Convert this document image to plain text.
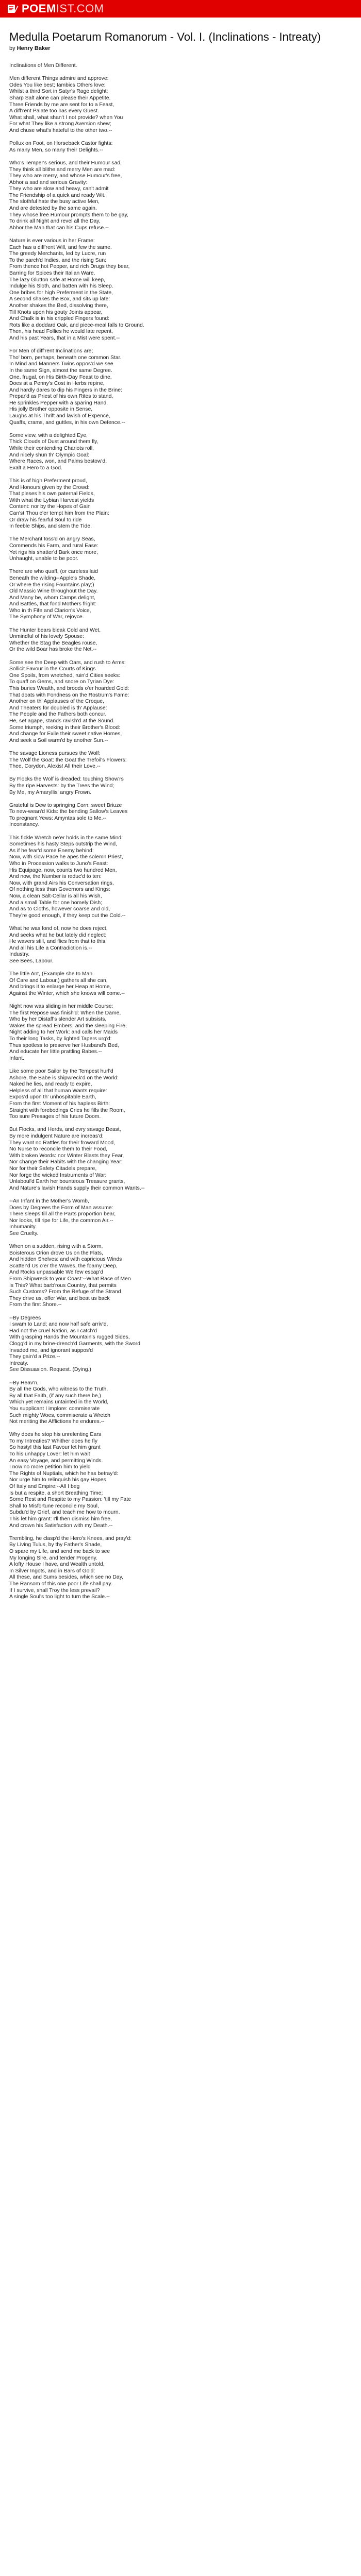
POEM IST.COM
Medulla Poetarum Romanorum - Vol. I. (Inclinations - Intreaty)
by Henry Baker
Inclinations of Men Different.
Men different Things admire and approve:
Odes You like best; Iambics Others love:
Whilst a third Sort in Satyr's Rage delight:
Sharp Salt alone can please their Appetite.
Three Friends by me are sent for to a Feast,
A diff'rent Palate too has every Guest.
What shall, what shan't I not provide? when You
For what They like a strong Aversion shew;
And chuse what's hateful to the other two.--
Pollux on Foot, on Horseback Castor fights:
As many Men, so many their Delights.--
Who's Temper's serious, and their Humour sad,
They think all blithe and merry Men are mad:
They who are merry, and whose Humour's free,
Abhor a sad and serious Gravity:
They who are slow and heavy, can't admit
The Friendship of a quick and ready Wit.
The slothful hate the busy active Men,
And are detested by the same again.
They whose free Humour prompts them to be gay,
To drink all Night and revel all the Day,
Abhor the Man that can his Cups refuse.--
Nature is ever various in her Frame:
Each has a diff'rent Will, and few the same.
The greedy Merchants, led by Lucre, run
To the parch'd Indies, and the rising Sun:
From thence hot Pepper, and rich Drugs they bear,
Barring for Spices their Italian Ware.
The lazy Glutton safe at Home will keep,
Indulge his Sloth, and batten with his Sleep.
One bribes for high Preferment in the State,
A second shakes the Box, and sits up late:
Another shakes the Bed, dissolving there,
Till Knots upon his gouty Joints appear,
And Chalk is in his crippled Fingers found:
Rots like a doddard Oak, and piece-meal falls to Ground.
Then, his head Follies he would late repent,
And his past Years, that in a Mist were spent.--
For Men of diff'rent Inclinations are;
Tho' born, perhaps, beneath one common Star.
In Mind and Manners Twins oppos'd we see
In the same Sign, almost the same Degree.
One, frugal, on His Birth-Day Feast to dine,
Does at a Penny's Cost in Herbs repine,
And hardly dares to dip his Fingers in the Brine:
Prepar'd as Priest of his own Rites to stand,
He sprinkles Pepper with a sparing Hand.
His jolly Brother opposite in Sense,
Laughs at his Thrift and lavish of Expence,
Quaffs, crams, and guttles, in his own Defence.--
Some view, with a delighted Eye,
Thick Clouds of Dust around them fly,
While their contending Chariots roll,
And nicely shun th' Olympic Goal:
Where Races, won, and Palms bestow'd,
Exalt a Hero to a God.
This is of high Preferment proud,
And Honours given by the Crowd:
That pleses his own paternal Fields,
With what the Lybian Harvest yields
Content: nor by the Hopes of Gain
Can'st Thou e'er tempt him from the Plain:
Or draw his fearful Soul to ride
In feeble Ships, and stem the Tide.
The Merchant toss'd on angry Seas,
Commends his Farm, and rural Ease:
Yet rigs his shatter'd Bark once more,
Unhaught, unable to be poor.
There are who quaff, (or careless laid
Beneath the wilding--Apple's Shade,
Or where the rising Fountains play;)
Old Massic Wine throughout the Day.
And Many be, whom Camps delight,
And Battles, that fond Mothers fright:
Who in th Fife and Clarion's Voice,
The Symphony of War, rejoyce.
The Hunter bears bleak Cold and Wet,
Unmindful of his lovely Spouse:
Whether the Stag the Beagles rouse,
Or the wild Boar has broke the Net.--
Some see the Deep with Oars, and rush to Arms:
Sollicit Favour in the Courts of Kings.
One Spoils, from wretched, ruin'd Cities seeks:
To quaff on Gems, and snore on Tyrian Dye:
This buries Wealth, and broods o'er hoarded Gold:
That doats with Fondness on the Rostrum's Fame:
Another on th' Applauses of the Croque,
And Theaters for doubled is th' Applause:
The People and the Fathers both concur.
He, set agape, stands ravish'd at the Sound.
Some triumph, reeking in their Brother's Blood:
And change for Exile their sweet native Homes,
And seek a Soil warm'd by another Sun.--
The savage Lioness pursues the Wolf:
The Wolf the Goat: the Goat the Trefoil's Flowers:
Thee, Corydon, Alexis! All their Love.--
By Flocks the Wolf is dreaded: touching Show'rs
By the ripe Harvests: by the Trees the Wind;
By Me, my Amaryllis' angry Frown.
Grateful is Dew to springing Corn: sweet Briuze
To new-wean'd Kids: the bending Sallow's Leaves
To pregnant Yews: Amyntas sole to Me.--
Inconstancy.
This fickle Wretch ne'er holds in the same Mind:
Sometimes his hasty Steps outstrip the Wind,
As if he fear'd some Enemy behind:
Now, with slow Pace he apes the solemn Priest,
Who in Procession walks to Juno's Feast:
His Equipage, now, counts two hundred Men,
And now, the Number is reduc'd to ten:
Now, with grand Airs his Conversation rings,
Of nothing less than Governors and Kings:
Now, a clean Salt-Cellar is all his Wish,
And a small Table for one homely Dish;
And as to Cloths, however coarse and old,
They're good enough, if they keep out the Cold.--
What he was fond of, now he does reject,
And seeks what he but lately did neglect:
He wavers still, and flies from that to this,
And all his Life a Contradiction is.--
Industry.
See Bees, Labour.
The little Ant, (Example she to Man
Of Care and Labour,) gathers all she can,
And brings it to enlarge her Heap at Home,
Against the Winter, which she knows will come.--
Night now was sliding in her middle Course:
The first Repose was finish'd: When the Dame,
Who by her Distaff's slender Art subsists,
Wakes the spread Embers, and the sleeping Fire,
Night adding to her Work: and calls her Maids
To their long Tasks, by lighted Tapers urg'd:
Thus spotless to preserve her Husband's Bed,
And educate her little prattling Babes.--
Infant.
Like some poor Sailor by the Tempest hurl'd
Ashore, the Babe is shipwreck'd on the World:
Naked he lies, and ready to expire,
Helpless of all that human Wants require:
Expos'd upon th' unhospitable Earth,
From the first Moment of his hapless Birth:
Straight with forebodings Cries he fills the Room,
Too sure Presages of his future Doom.
But Flocks, and Herds, and evry savage Beast,
By more indulgent Nature are increas'd:
They want no Rattles for their froward Mood,
No Nurse to reconcile them to their Food,
With broken Words: nor Winter Blasts they Fear,
Nor change their Habits with the changing Year:
Nor for their Safety Citadels prepare,
Nor forge the wicked Instruments of War:
Unlaboul'd Earth her bounteous Treasure grants,
And Nature's lavish Hands supply their common Wants.--
--An Infant in the Mother's Womb,
Does by Degrees the Form of Man assume:
There sleeps till all the Parts proportion bear,
Nor looks, till ripe for Life, the common Air.--
Inhumanity.
See Cruelty.
When on a sudden, rising with a Storm,
Boisterous Orion drove Us on the Flats,
And hidden Shelves: and with capricious Winds
Scatter'd Us o'er the Waves, the foamy Deep,
And Rocks unpassable We few escap'd
From Shipwreck to your Coast:--What Race of Men
Is This? What barb'rous Country, that permits
Such Customs? From the Refuge of the Strand
They drive us, offer War, and beat us back
From the first Shore.--
--By Degrees
I swam to Land; and now half safe arriv'd,
Had not the cruel Nation, as I catch'd
With grasping Hands the Mountain's rugged Sides,
Clogg'd in my brine-drench'd Garments, with the Sword
Invaded me, and ignorant suppos'd
They gain'd a Prize.--
Intreaty.
See Dissuasion. Request. (Dying.)
--By Heav'n,
By all the Gods, who witness to the Truth,
By all that Faith, (if any such there be,)
Which yet remains untainted in the World,
You supplicant I implore: commiserate
Such mighty Woes, commiserate a Wretch
Not meriting the Afflictions he endures.--
Why does he stop his unrelenting Ears
To my Intreaties? Whither does he fly
So hasty! this last Favour let him grant
To his unhappy Lover: let him wait
An easy Voyage, and permitting Winds.
I now no more petition him to yield
The Rights of Nuptials, which he has betray'd:
Nor urge him to relinquish his gay Hopes
Of Italy and Empire:--All I beg
Is but a respite, a short Breathing Time;
Some Rest and Respite to my Passion: 'till my Fate
Shall to Misfortune reconcile my Soul,
Subdu'd by Grief, and teach me how to mourn.
This let him grant: I'll then dismiss him free,
And crown his Satisfaction with my Death.--
Trembling, he clasp'd the Hero's Knees, and pray'd:
By Living Tulus, by thy Father's Shade,
O spare my Life, and send me back to see
My longing Sire, and tender Progeny.
A lofty House I have, and Wealth untold,
In Silver Ingots, and in Bars of Gold:
All these, and Sums besides, which see no Day,
The Ransom of this one poor Life shall pay.
If I survive, shall Troy the less prevail?
A single Soul's too light to turn the Scale.--
